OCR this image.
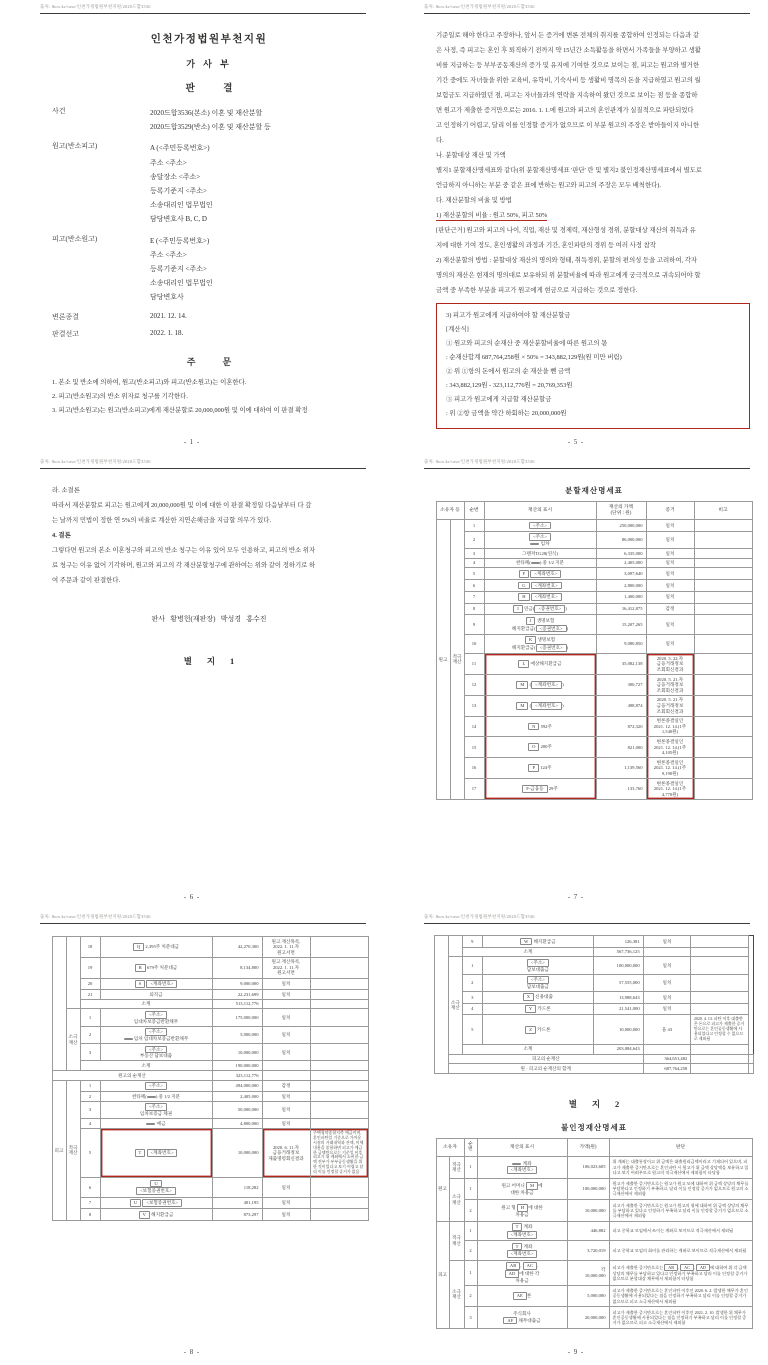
출처: lbox.kr/case/인천가정법원부천지원/2020드합3536
인천가정법원부천지원
가 사 부
판            결
사건	2020드합3536(본소) 이혼 및 재산분할
2020드합3529(반소) 이혼 및 재산분할 등
원고(반소피고)	A (<주민등록번호>)
주소 <주소>
송달장소 <주소>
등록기준지 <주소>
소송대리인 법무법인
담당변호사 B, C, D
피고(반소원고)	E (<주민등록번호>)
주소 <주소>
등록기준지 <주소>
소송대리인 법무법인
담당변호사
변론종결	2021. 12. 14.
판결선고	2022. 1. 18.
주            문
1. 본소 및 반소에 의하여, 원고(반소피고)와 피고(반소원고)는 이혼한다.
2. 피고(반소원고)의 반소 위자료 청구를 기각한다.
3. 피고(반소원고)는 원고(반소피고)에게 재산분할로 20,000,000원 및 이에 대하여 이 판결 확정
- 1 -
출처: lbox.kr/case/인천가정법원부천지원/2020드합3536
기준일로 해야 한다고 주장하나, 앞서 든 증거에 변론 전체의 취지를 종합하여 인정되는 다음과 같
은 사정, 즉 피고는 혼인 후 퇴직하기 전까지 약 15년간 소득활동을 하면서 가족들을 부양하고 생활
비를 지급하는 등 부부공동재산의 증가 및 유지에 기여한 것으로 보이는 점, 피고는 원고와 별거한
기간 중에도 자녀들을 위한 교육비, 유학비, 기숙사비 등 생활비 명목의 돈을 지급하였고 원고의 월
보험금도 지급하였던 점, 피고는 자녀들과의 연락을 지속하여 왔던 것으로 보이는 점 등을 종합하
면 원고가 제출한 증거만으로는 2016. 1. 1.에 원고와 피고의 혼인관계가 실질적으로 파탄되었다
고 인정하기 어렵고, 달리 이를 인정할 증거가 없으므로 이 부분 원고의 주장은 받아들이지 아니한
다.
나. 분할대상 재산 및 가액
별지1 분할재산명세표와 같다(위 분할재산명세표 '판단' 란 및 별지2 불인정재산명세표에서 별도로
언급하지 아니하는 부분 중 같은 표에 반하는 원고와 피고의 주장은 모두 배척한다).
다. 재산분할의 비율 및 방법
1) 재산분할의 비율 : 원고 50%, 피고 50%
[판단근거] 원고와 피고의 나이, 직업, 재산 및 경제력, 재산형성 경위, 분할대상 재산의 취득과 유
지에 대한 기여 정도, 혼인생활의 과정과 기간, 혼인파탄의 경위 등 여러 사정 참작
2) 재산분할의 방법 : 분할대상 재산의 명의와 형태, 취득경위, 분할의 편의성 등을 고려하여, 각자
명의의 재산은 현재의 명의대로 보유하되 위 분할비율에 따라 원고에게 궁극적으로 귀속되어야 할
금액 중 부족한 부분을 피고가 원고에게 현금으로 지급하는 것으로 정한다.
3) 피고가 원고에게 지급하여야 할 재산분할금
[계산식]
① 원고와 피고의 순재산 중 재산분할비율에 따른 원고의 몫
: 순재산합계 687,764,258원 × 50% = 343,882,129원(원 미만 버림)
② 위 ①항의 돈에서 원고의 순 재산을 뺀 금액
: 343,882,129원 - 323,112,776원 = 20,769,353원
③ 피고가 원고에게 지급할 재산분할금
: 위 ②항 금액을 약간 하회하는 20,000,000원
- 5 -
출처: lbox.kr/case/인천가정법원부천지원/2020드합3536
라. 소결론
따라서 재산분할로 피고는 원고에게 20,000,000원 및 이에 대한 이 판결 확정일 다음날부터 다 갚
는 날까지 민법이 정한 연 5%의 비율로 계산한 지연손해금을 지급할 의무가 있다.
4. 결론
그렇다면 원고의 본소 이혼청구와 피고의 반소 청구는 이유 있어 모두 인용하고, 피고의 반소 위자
료 청구는 이유 없어 기각하며, 원고와 피고의 각 재산분할청구에 관하여는 위와 같이 정하기로 하
여 주문과 같이 판결한다.
판사   황병헌(재판장)   박성경   홍수진
별       지       1
- 6 -
출처: lbox.kr/case/인천가정법원부천지원/2020드합3536
분할재산명세표
소유자 등		순번	재산의 표시	재산의 가액
(단위 : 원)	증거	비고
원고	적극
재산	1	<주소>	250,000,000	일치	
		2	<주소>
임차	86,000,000	일치	
		3	그랜저TG28(연식)	6,335,000	일치	
		4	싼타페( ) 중 1/2 지분	2,405,000	일치	
		5	F <계좌번호>	3,097,640	일치	
		6	G <계좌번호>	2,800,000	일치	
		7	H <계좌번호>	1,400,000	일치	
		8	I 연금( <증권번호> )	16,412,875	감정	
		9	J 생명보험
해지환급금( <증권번호> )	15,207,265	일치	
		10	K 생명보험
해지환급금( <증권번호> )	9,080,850	일치	
		11	L 예상해지환급금	35,082,138	2020. 5. 22.자
금융거래정보
조회회신결과	
		12	M ( <계좌번호> )	300,727	2020. 5. 21.자
금융거래정보
조회회신결과	
		13	M ( <계좌번호> )	498,874	2020. 5. 21.자
금융거래정보
조회회신결과	
		14	N 592주	872,320	변론종결일인
2021. 12. 14.(1주
1,540원)	
		15	O 200주	821,000	변론종결일인
2021. 12. 14.(1주
4,105원)	
		16	P 124주	1,139,560	변론종결일인
2021. 12. 14.(1주
9,190원)	
		17	F-금융등 29주	133,760	변론종결일인
2021. 12. 14.(1주
4,770원)	
- 7 -
출처: lbox.kr/case/인천가정법원부천지원/2020드합3536
		18	Q 2,395주 처분대금	42,270,300	원고 재산목록,
2022. 1. 11.자
원고서면	
		19	R 679주 처분대금	8,134,800	원고 재산목록,
2022. 1. 11.자
원고서면	
		20	S <계좌번호>	9,000,000	일치	
		21	퇴직금	22,231,699	일치	
		소계		513,112,776		
	소극
재산	1	<주소>
임대차보증금반환채무	175,000,000	일치	
		2	<주소>
임차 임대차보증금반환채무	5,000,000	일치	
		3	<주소>
부동산 담보대출	10,000,000	일치	
		소계		190,000,000		
원고의 순재산				323,112,776		
피고	적극
재산	1	<주소>	494,000,000	감정	
		2	싼타페( ) 중 1/2 지분	2,405,000	일치	
		3	<주소>
임차보증금 채권	50,000,000	일치	
		4	예금	4,800,000	일치	
		5	T <계좌번호>	10,000,000	2020. 6. 11.자
금융거래정보
제출명령회신결과	주택청약종합저축 예금이며, 혼인파탄일 기준으로 가까운 시점의 거래내역과 잔액, 이체내용을 종합하면 피고가 예금한 금액만으로는 기준일 이후 피고가 위 계좌에서 소비한 금액 전부가 부부공동생활을 위한 것이었다고 보기 어렵고 달리 이를 인정할 증거가 없음
		6	U
<보험증권번호>	118,282	일치	
		7	U <보험증권번호>	401,195	일치	
		8	V 해지환급금	873,297	일치	
- 8 -
출처: lbox.kr/case/인천가정법원부천지원/2020드합3536
		9	W 해지환급금	126,381	일치		
		소계		567,736,125			
	소극
재산	1	<주소>
담보대출금	100,000,000	일치		
		2	<주소>
담보대출금	57,555,000	일치		
		3	X 신용대출	13,988,643	일치		
		4	Y 카드론	21,541,000	일치		
		5	Z 카드론	10,000,000	을 43	2020. 4. 13. 파탄 이후 대출받은 돈으로 피고가 제출한 증거만으로는 혼인공동생활에 사용되었다고 인정할 수 없으므로 제외됨	
		소계		203,084,643			
	피고의 순재산				364,651,482		
	원 · 피고의 순재산의 합계				687,764,258		
별       지       2
불인정재산명세표
소유자		순
번	재산의 표시	가액(원)	판단
원고	적극
재산	1	계좌
<계좌번호>	106,023,605	위 계좌는 대출통장이고 위 금액은 대출원리금액이라고 기재되어 있으며, 피고가 제출한 증거만으로는 혼인파탄 시 원고가 위 금액 상당액을 보유하고 있다고 보기 어려우므로 원고의 적극재산에서 제외함이 타당함
	소극
재산	1	원고 어머니 M 에
대한 차용금	100,000,000	원고가 제출한 증거만으로는 원고가 원고 모에 대하여 위 금액 상당의 채무를 부담한다고 인정하기 부족하고, 달리 이를 인정할 증거가 없으므로 원고의 소극재산에서 제외함
		2	원고 형 H 에 대한
차용금	10,000,000	피고가 제출한 증거만으로는 원고가 원고의 형에 대하여 위 금액 상당의 채무를 부담하고 있다고 인정하기 부족하고 달리 이를 인정할 증거가 없으므로 소극재산에서 제외함
피고	적극
재산	1	T 계좌
<계좌번호>	446,882	피고 중학교 모임에서 쓰이는 계좌로 보이므로 적극재산에서 제외됨
		2	T 계좌
<계좌번호>	3,720,019	피고 중학교 모임의 회비를 관리하는 계좌로 보이므로 적극재산에서 제외됨
	소극
재산	1	AB , AC ,
AD 에 대한 각
차용금	각
10,000,000	피고가 제출한 증거만으로는 AB , AC , AD 에 대하여 위 각 금액 상당의 채무를 부담하고 있다고 인정하기 부족하고 달리 이를 인정할 증거가 없으므로 분할대상 채무에서 제외함이 타당함
		2	AE 론	5,000,000	피고가 제출한 증거만으로는 혼인파탄 이후인 2020. 6. 2. 발생한 채무가 혼인공동생활에 사용되었다는 점을 인정하기 부족하고 달리 이를 인정할 증거가 없으므로 피고 소극재산에서 제외됨
		3	주식회사
AF 채무대출금	20,000,000	피고가 제출한 증거만으로는 혼인파탄 이후인 2021. 2. 10. 발생한 위 채무가 혼인공동생활에 사용되었다는 점을 인정하기 부족하고 달리 이를 인정할 증거가 없으므로 피고 소극재산에서 제외함
- 9 -
